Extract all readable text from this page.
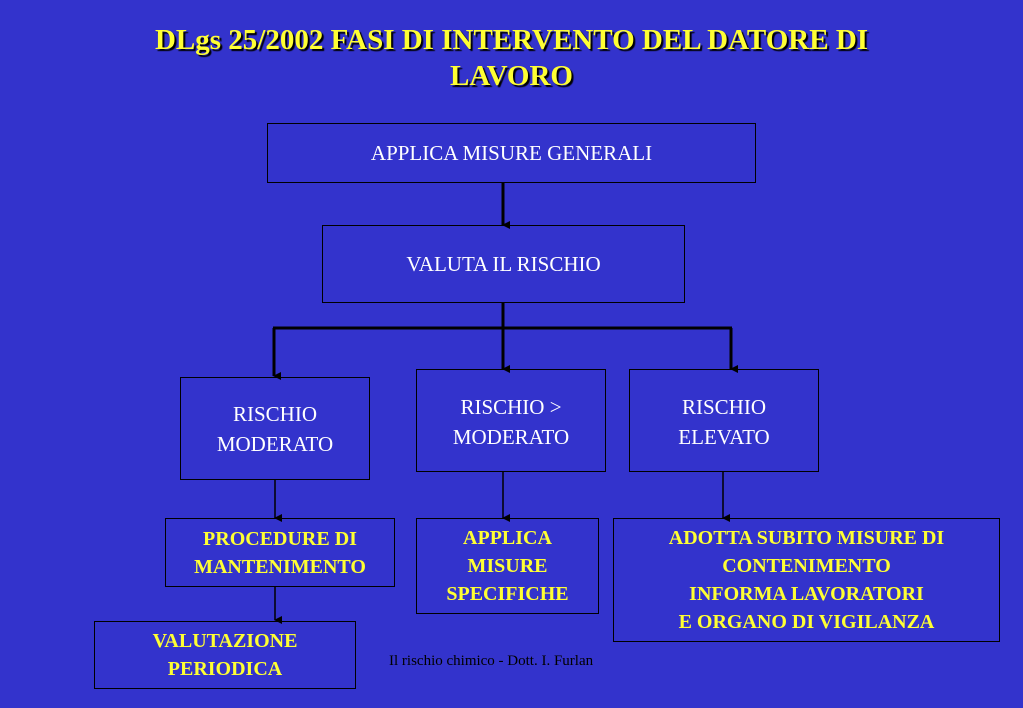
DLgs 25/2002 FASI DI INTERVENTO DEL DATORE DI
LAVORO
APPLICA MISURE GENERALI
VALUTA IL RISCHIO
RISCHIO
MODERATO
RISCHIO >
MODERATO
RISCHIO
ELEVATO
PROCEDURE DI
MANTENIMENTO
APPLICA
MISURE
SPECIFICHE
ADOTTA SUBITO MISURE DI
CONTENIMENTO
INFORMA LAVORATORI
E ORGANO DI VIGILANZA
VALUTAZIONE
PERIODICA	Il rischio chimico - Dott. I. Furlan
